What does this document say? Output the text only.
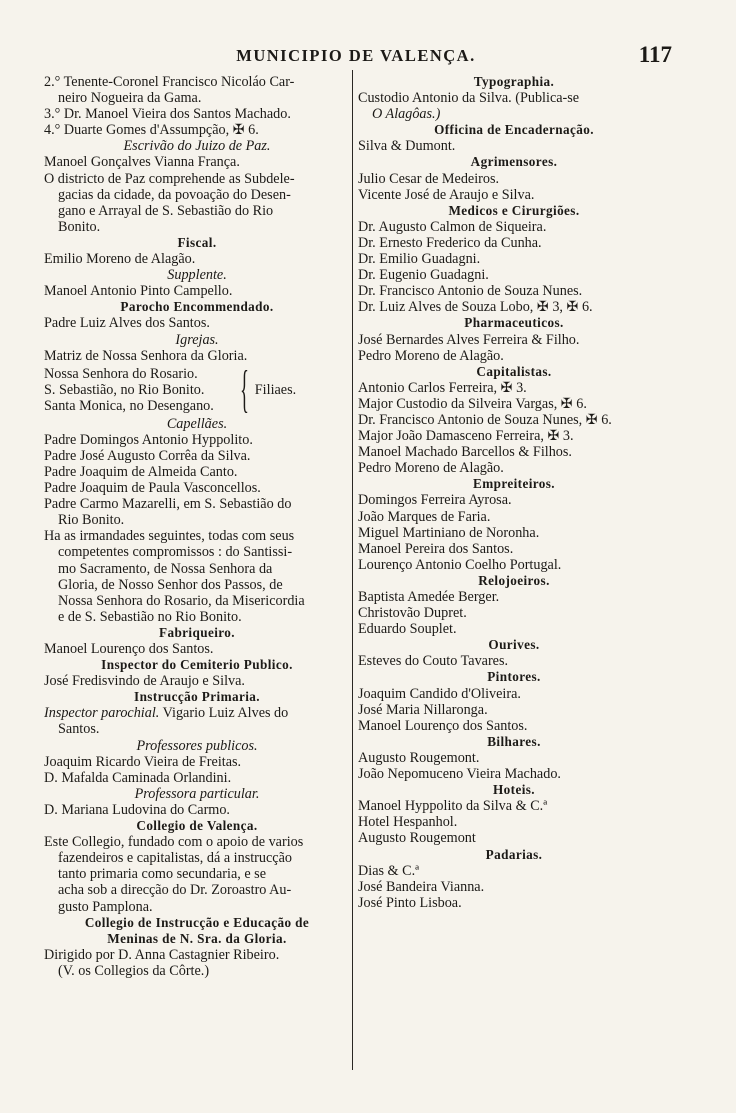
MUNICIPIO DE VALENÇA.	117
2.° Tenente-Coronel Francisco Nicoláo Car-
neiro Nogueira da Gama.
3.° Dr. Manoel Vieira dos Santos Machado.
4.° Duarte Gomes d'Assumpção, ✠ 6.
Escrivão do Juizo de Paz.
Manoel Gonçalves Vianna França.
O districto de Paz comprehende as Subdele-
gacias da cidade, da povoação do Desen-
gano e Arrayal de S. Sebastião do Rio
Bonito.
Fiscal.
Emilio Moreno de Alagão.
Supplente.
Manoel Antonio Pinto Campello.
Parocho Encommendado.
Padre Luiz Alves dos Santos.
Igrejas.
Matriz de Nossa Senhora da Gloria.
Nossa Senhora do Rosario.
S. Sebastião, no Rio Bonito.
Santa Monica, no Desengano. { Filiaes.
Capellães.
Padre Domingos Antonio Hyppolito.
Padre José Augusto Corrêa da Silva.
Padre Joaquim de Almeida Canto.
Padre Joaquim de Paula Vasconcellos.
Padre Carmo Mazarelli, em S. Sebastião do
Rio Bonito.
Ha as irmandades seguintes, todas com seus
competentes compromissos : do Santissi-
mo Sacramento, de Nossa Senhora da
Gloria, de Nosso Senhor dos Passos, de
Nossa Senhora do Rosario, da Misericordia
e de S. Sebastião no Rio Bonito.
Fabriqueiro.
Manoel Lourenço dos Santos.
Inspector do Cemiterio Publico.
José Fredisvindo de Araujo e Silva.
Instrucção Primaria.
Inspector parochial. Vigario Luiz Alves do
Santos.
Professores publicos.
Joaquim Ricardo Vieira de Freitas.
D. Mafalda Caminada Orlandini.
Professora particular.
D. Mariana Ludovina do Carmo.
Collegio de Valença.
Este Collegio, fundado com o apoio de varios
fazendeiros e capitalistas, dá a instrucção
tanto primaria como secundaria, e se
acha sob a direcção do Dr. Zoroastro Au-
gusto Pamplona.
Collegio de Instrucção e Educação de
Meninas de N. Sra. da Gloria.
Dirigido por D. Anna Castagnier Ribeiro.
(V. os Collegios da Côrte.)
Typographia.
Custodio Antonio da Silva. (Publica-se
O Alagôas.)
Officina de Encadernação.
Silva & Dumont.
Agrimensores.
Julio Cesar de Medeiros.
Vicente José de Araujo e Silva.
Medicos e Cirurgiões.
Dr. Augusto Calmon de Siqueira.
Dr. Ernesto Frederico da Cunha.
Dr. Emilio Guadagni.
Dr. Eugenio Guadagni.
Dr. Francisco Antonio de Souza Nunes.
Dr. Luiz Alves de Souza Lobo, ✠ 3, ✠ 6.
Pharmaceuticos.
José Bernardes Alves Ferreira & Filho.
Pedro Moreno de Alagão.
Capitalistas.
Antonio Carlos Ferreira, ✠ 3.
Major Custodio da Silveira Vargas, ✠ 6.
Dr. Francisco Antonio de Souza Nunes, ✠ 6.
Major João Damasceno Ferreira, ✠ 3.
Manoel Machado Barcellos & Filhos.
Pedro Moreno de Alagão.
Empreiteiros.
Domingos Ferreira Ayrosa.
João Marques de Faria.
Miguel Martiniano de Noronha.
Manoel Pereira dos Santos.
Lourenço Antonio Coelho Portugal.
Relojoeiros.
Baptista Amedée Berger.
Christovão Dupret.
Eduardo Souplet.
Ourives.
Esteves do Couto Tavares.
Pintores.
Joaquim Candido d'Oliveira.
José Maria Nillaronga.
Manoel Lourenço dos Santos.
Bilhares.
Augusto Rougemont.
João Nepomuceno Vieira Machado.
Hoteis.
Manoel Hyppolito da Silva & C.ª
Hotel Hespanhol.
Augusto Rougemont
Padarias.
Dias & C.ª
José Bandeira Vianna.
José Pinto Lisboa.
